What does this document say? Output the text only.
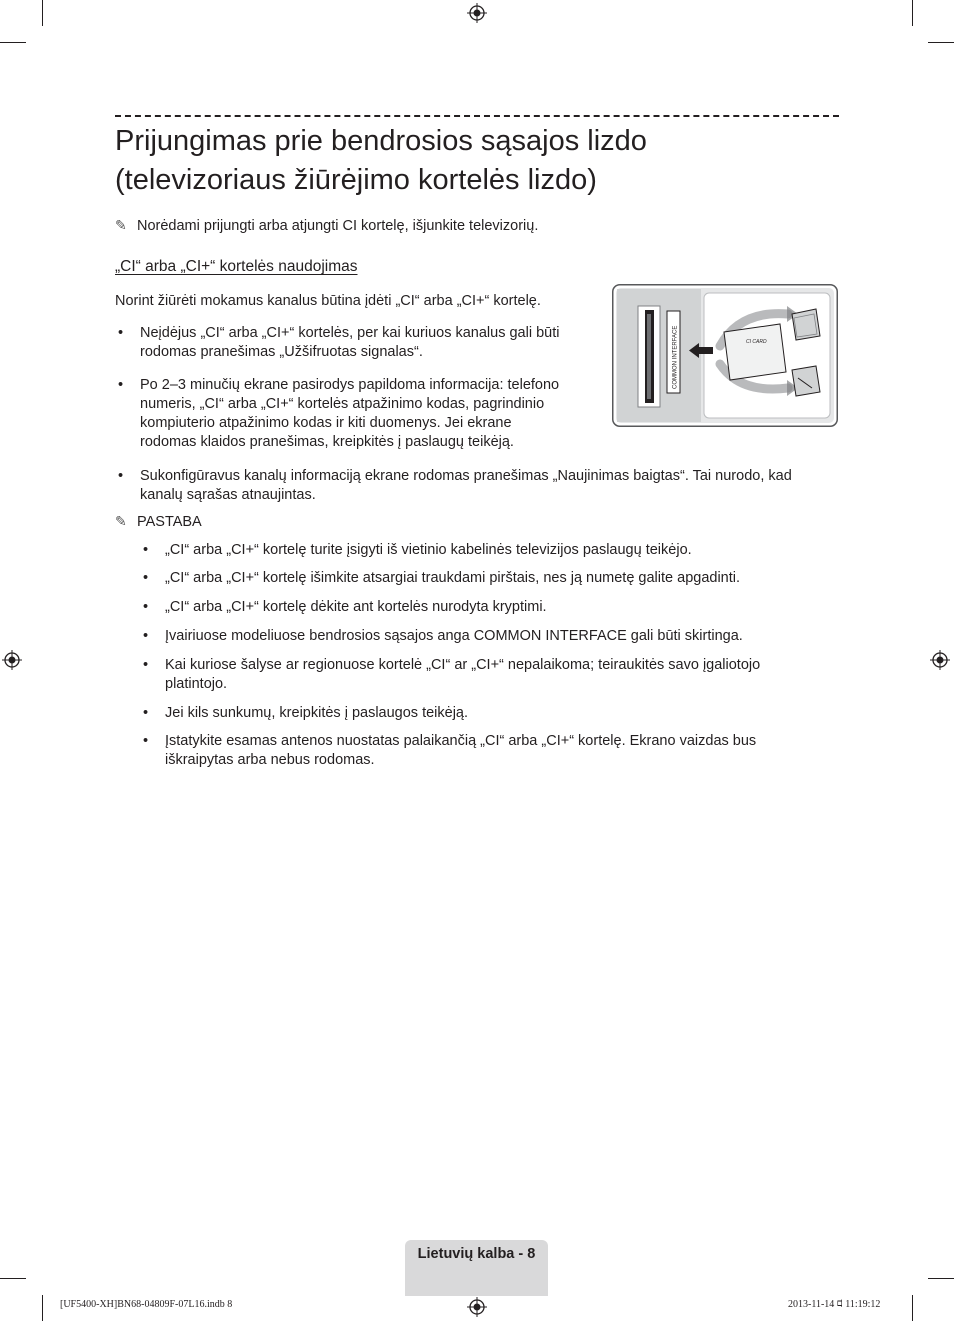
Prijungimas prie bendrosios sąsajos lizdo
(televizoriaus žiūrėjimo kortelės lizdo)
✎ Norėdami prijungti arba atjungti CI kortelę, išjunkite televizorių.
„CI“ arba „CI+“ kortelės naudojimas
Norint žiūrėti mokamus kanalus būtina įdėti „CI“ arba „CI+“ kortelę.
• Neįdėjus „CI“ arba „CI+“ kortelės, per kai kuriuos kanalus gali būti
rodomas pranešimas „Užšifruotas signalas“.
• Po 2–3 minučių ekrane pasirodys papildoma informacija: telefono
numeris, „CI“ arba „CI+“ kortelės atpažinimo kodas, pagrindinio
kompiuterio atpažinimo kodas ir kiti duomenys. Jei ekrane
rodomas klaidos pranešimas, kreipkitės į paslaugų teikėją.
• Sukonfigūravus kanalų informaciją ekrane rodomas pranešimas „Naujinimas baigtas“. Tai nurodo, kad
kanalų sąrašas atnaujintas.
COMMON INTERFACE	CI CARD
✎ PASTABA
• „CI“ arba „CI+“ kortelę turite įsigyti iš vietinio kabelinės televizijos paslaugų teikėjo.
• „CI“ arba „CI+“ kortelę išimkite atsargiai traukdami pirštais, nes ją numetę galite apgadinti.
• „CI“ arba „CI+“ kortelę dėkite ant kortelės nurodyta kryptimi.
• Įvairiuose modeliuose bendrosios sąsajos anga COMMON INTERFACE gali būti skirtinga.
• Kai kuriose šalyse ar regionuose kortelė „CI“ ar „CI+“ nepalaikoma; teiraukitės savo įgaliotojo
platintojo.
• Jei kils sunkumų, kreipkitės į paslaugos teikėją.
• Įstatykite esamas antenos nuostatas palaikančią „CI“ arba „CI+“ kortelę. Ekrano vaizdas bus
iškraipytas arba nebus rodomas.
Lietuvių kalba - 8
[UF5400-XH]BN68-04809F-07L16.indb 8	2013-11-14 ꕼ 11:19:12
